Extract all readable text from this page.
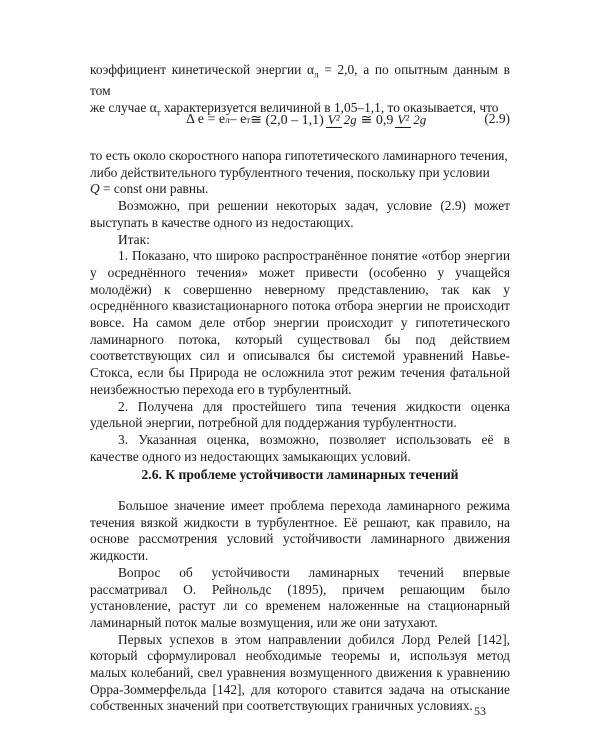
коэффициент кинетической энергии $\alpha_л = 2,0$, а по опытным данным в том

же случае $\alpha_т$ характеризуется величиной в 1,05–1,1, то оказывается, что

Δ e = e л – e т ≅ (2,0 – 1,1) V² 2g ≅ 0,9 V² 2g	(2.9)

то есть около скоростного напора гипотетического ламинарного течения,

либо действительного турбулентного течения, поскольку при условии

Q = const они равны.

Возможно, при решении некоторых задач, условие (2.9) может выступать в качестве одного из недостающих.

Итак:

1. Показано, что широко распространённое понятие «отбор энергии у осреднённого течения» может привести (особенно у учащейся молодёжи) к совершенно неверному представлению, так как у осреднённого квазистационарного потока отбора энергии не происходит вовсе. На самом деле отбор энергии происходит у гипотетического ламинарного потока, который существовал бы под действием соответствующих сил и описывался бы системой уравнений Навье-Стокса, если бы Природа не осложнила этот режим течения фатальной неизбежностью перехода его в турбулентный.

2. Получена для простейшего типа течения жидкости оценка удельной энергии, потребной для поддержания турбулентности.

3. Указанная оценка, возможно, позволяет использовать её в качестве одного из недостающих замыкающих условий.

2.6. К проблеме устойчивости ламинарных течений

Большое значение имеет проблема перехода ламинарного режима течения вязкой жидкости в турбулентное. Её решают, как правило, на основе рассмотрения условий устойчивости ламинарного движения жидкости.

Вопрос об устойчивости ламинарных течений впервые рассматривал О. Рейнольдс (1895), причем решающим было установление, растут ли со временем наложенные на стационарный ламинарный поток малые возмущения, или же они затухают.

Первых успехов в этом направлении добился Лорд Релей [142], который сформулировал необходимые теоремы и, используя метод малых колебаний, свел уравнения возмущенного движения к уравнению Орра-Зоммерфельда [142], для которого ставится задача на отыскание собственных значений при соответствующих граничных условиях. 53
